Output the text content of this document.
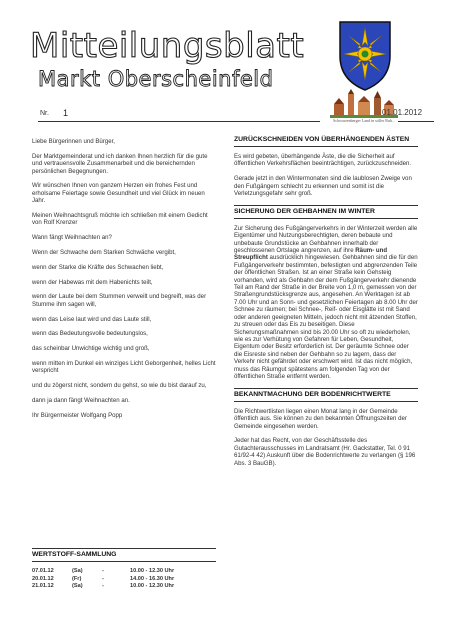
Mitteilungsblatt
Markt Oberscheinfeld
Schwarzenberger Land in stiller Ruh...
Nr. 1	01.01.2012

Liebe Bürgerinnen und Bürger,

Der Marktgemeinderat und ich danken Ihnen herzlich für die gute und vertrauensvolle Zusammenarbeit und die bereichernden persönlichen Begegnungen.

Wir wünschen Ihnen von ganzem Herzen ein frohes Fest und erholsame Feiertage sowie Gesundheit und viel Glück im neuen Jahr.

Meinen Weihnachtsgruß möchte ich schließen mit einem Gedicht von Rolf Krenzer

Wann fängt Weihnachten an?

Wenn der Schwache dem Starken Schwäche vergibt,

wenn der Starke die Kräfte des Schwachen liebt,

wenn der Habewas mit dem Habenichts teilt,

wenn der Laute bei dem Stummen verweilt und begreift, was der Stumme ihm sagen will,

wenn das Leise laut wird und das Laute still,

wenn das Bedeutungsvolle bedeutungslos,

das scheinbar Unwichtige wichtig und groß,

wenn mitten im Dunkel ein winziges Licht Geborgenheit, helles Licht verspricht

und du zögerst nicht, sondern du gehst, so wie du bist darauf zu,

dann ja dann fängt Weihnachten an.

Ihr Bürgermeister Wolfgang Popp

WERTSTOFF-SAMMLUNG
07.01.12	(Sa)	-	10.00 - 12.30 Uhr
20.01.12	(Fr)	-	14.00 - 16.30 Uhr
21.01.12	(Sa)	-	10.00 - 12.30 Uhr
ZURÜCKSCHNEIDEN VON ÜBERHÄNGENDEN ÄSTEN

Es wird gebeten, überhängende Äste, die die Sicherheit auf öffentlichen Verkehrsflächen beeinträchtigen, zurückzuschneiden.

Gerade jetzt in den Wintermonaten sind die laublosen Zweige von den Fußgängern schlecht zu erkennen und somit ist die Verletzungsgefahr sehr groß.

SICHERUNG DER GEHBAHNEN IM WINTER

Zur Sicherung des Fußgängerverkehrs in der Winterzeit werden alle Eigentümer und Nutzungsberechtigten, deren bebaute und unbebaute Grundstücke an Gehbahnen innerhalb der geschlossenen Ortslage angrenzen, auf ihre Räum- und Streupflicht ausdrücklich hingewiesen. Gehbahnen sind die für den Fußgängerverkehr bestimmten, befestigten und abgrenzenden Teile der öffentlichen Straßen. Ist an einer Straße kein Gehsteig vorhanden, wird als Gehbahn der dem Fußgängerverkehr dienende Teil am Rand der Straße in der Breite von 1,0 m, gemessen von der Straßengrundstücksgrenze aus, angesehen. An Werktagen ist ab 7.00 Uhr und an Sonn- und gesetzlichen Feiertagen ab 8.00 Uhr der Schnee zu räumen; bei Schnee-, Reif- oder Eisglätte ist mit Sand oder anderen geeigneten Mitteln, jedoch nicht mit ätzenden Stoffen, zu streuen oder das Eis zu beseitigen. Diese Sicherungsmaßnahmen sind bis 20.00 Uhr so oft zu wiederholen, wie es zur Verhütung von Gefahren für Leben, Gesundheit, Eigentum oder Besitz erforderlich ist. Der geräumte Schnee oder die Eisreste sind neben der Gehbahn so zu lagern, dass der Verkehr nicht gefährdet oder erschwert wird. Ist das nicht möglich, muss das Räumgut spätestens am folgenden Tag von der öffentlichen Straße entfernt werden.

BEKANNTMACHUNG DER BODENRICHTWERTE

Die Richtwertlisten liegen einen Monat lang in der Gemeinde öffentlich aus. Sie können zu den bekannten Öffnungszeiten der Gemeinde eingesehen werden.

Jeder hat das Recht, von der Geschäftsstelle des Gutachterausschusses im Landratsamt (Hr. Gackstatter, Tel. 0 91 61/92-4 42) Auskunft über die Bodenrichtwerte zu verlangen (§ 196 Abs. 3 BauGB).
